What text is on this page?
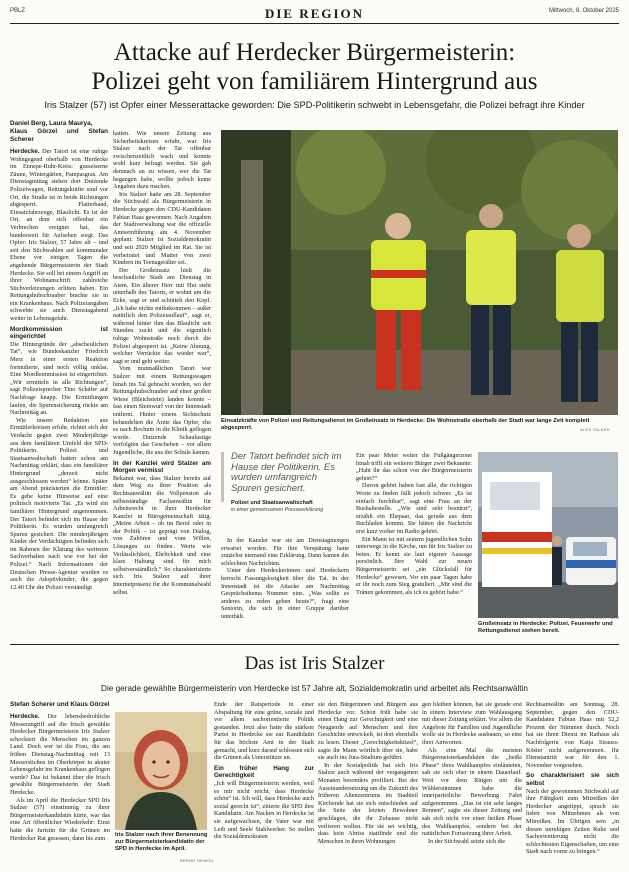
PBLZ	DIE REGION	Mittwoch, 8. Oktober 2025
Attacke auf Herdecker Bürgermeisterin:
Polizei geht von familiärem Hintergrund aus
Iris Stalzer (57) ist Opfer einer Messerattacke geworden: Die SPD-Politikerin schwebt in Lebensgefahr, die Polizei befragt ihre Kinder
Daniel Berg, Laura Maurya,
Klaus Görzel und Stefan Scherer

Herdecke. Der Tatort ist eine ruhige Wohngegend oberhalb von Herdecke im Ennepe-Ruhr-Kreis: gusseiserne Zäune, Wintergärten, Pampasgras. Am Dienstagmittag stehen dort Dutzende Polizeiwagen, Rettungskräfte sind vor Ort, die Straße ist in beide Richtungen abgesperrt. Flatterband, Einsatzfahrzeuge, Blaulicht. Es ist der Ort, an dem sich offenbar ein Verbrechen ereignet hat, das bundesweit für Aufsehen sorgt. Das Opfer: Iris Stalzer, 57 Jahre alt – und seit den Stichwahlen auf kommunaler Ebene vor einigen Tagen die angehende Bürgermeisterin der Stadt Herdecke. Sie soll bei einem Angriff an ihrer Wohnanschrift zahlreiche Stichverletzungen erlitten haben. Ein Rettungshubschrauber brachte sie in ein Krankenhaus. Nach Polizeiangaben schwebte sie auch Dienstagabend weiter in Lebensgefahr.

Mordkommission ist eingerichtet

Die Hintergründe der „abscheulichen Tat“, wie Bundeskanzler Friedrich Merz in einer ersten Reaktion formulierte, sind noch völlig unklar. Eine Mordkommission ist eingerichtet. „Wir ermitteln in alle Richtungen“, sagt Polizeisprecher Tino Schäfer auf Nachfrage knapp. Die Ermittlungen laufen, die Spurensicherung rückte am Nachmittag an.

Wie unsere Redaktion aus Ermittlerkreisen erfuhr, richtet sich der Verdacht gegen zwei Minderjährige aus dem familiären Umfeld der SPD-Politikerin. Polizei und Staatsanwaltschaft hatten schon am Nachmittag erklärt, dass ein familiärer Hintergrund „derzeit nicht ausgeschlossen werden“ könne. Später am Abend präzisierten die Ermittler: Es gehe keine Hinweise auf eine politisch motivierte Tat. „Es wird ein familiärer Hintergrund angenommen. Der Tatort befindet sich im Hause der Politikerin. Es wurden umfangreich Spuren gesichert. Die minderjährigen Kinder der Verdächtigten befinden sich im Rahmen der Klärung des weiteren Sachverhaltes nach wie vor bei der Polizei.“ Nach Informationen der Deutschen Presse-Agentur wurden es auch die Adoptivkinder, die gegen 12.40 Uhr die Polizei verständigt

hatten. Wie unsere Zeitung aus Sicherheitskreisen erfuhr, war Iris Stalzer nach der Tat offenbar zwischenzeitlich wach und konnte wohl kurz befragt werden. Sie gab demnach an zu wissen, wer die Tat begangen habe, wollte jedoch keine Angaben dazu machen.

Iris Stalzer hatte am 28. September die Stichwahl als Bürgermeisterin in Herdecke gegen den CDU-Kandidaten Fabian Haas gewonnen. Nach Angaben der Stadtverwaltung war die offizielle Amtseinführung am 4. November geplant. Stalzer ist Sozialdemokratin und seit 2020 Mitglied im Rat. Sie ist verheiratet und Mutter von zwei Kindern im Teenagerälter sei.

Der Großeinsatz hielt die beschauliche Stadt am Dienstag in Atem. Ein älterer Herr mit Hut steht unterhalb des Tatorts, er wohnt um die Ecke, sagt er und schüttelt den Kopf. „Ich habe nichts mitbekommen – außer natürlich den Polizeiauflauf“, sagt er, während hinter ihm das Blaulicht seit Stunden zuckt und die eigentlich ruhige Wohnstraße noch durch die Polizei abgesperrt ist. „Keine Ahnung, welcher Verrückte das wieder war“, sagt er und geht weiter.

Vom mutmaßlichen Tatort war Stalzer mit einem Rettungswagen hinab ins Tal gebracht worden, wo der Rettungshubschrauber auf einer großen Wiese (Bleichstein) landen konnte – fast einen Steinwurf von der Innenstadt entfernt. Hinter einem Sichtschutz behandelten die Ärzte das Opfer, ehe es nach Bochum in die Klinik geflogen wurde. Dutzende Schaulustige verfolgten das Geschehen – vor allem Jugendliche, die aus der Schule kamen.

In der Kanzlei wird Stalzer am Morgen vermisst

Bekannt war, dass Stalzer bereits auf dem Weg zu ihrer Position als Rechtsanwältin die Vollpension als selbstständige Fachanwältin für Arbeitsrecht in ihrer Herdecker Kanzlei in Bürogemeinschaft tätig. „Meine Arbeit – ob im Beruf oder in der Politik – ist geprägt von Dialog, von Zuhören und vom Willen, Lösungen zu finden. Werte wie Verlässlichkeit, Ehrlichkeit und eine klare Haltung sind für mich selbstverständlich.“ So charakterisierte sich Iris Stalzer auf ihrer Internetpräsenz für die Kommunalwahl selbst.

Einsatzkräfte von Polizei und Rettungsdienst im Großeinsatz in Herdecke: Die Wohnstraße oberhalb der Stadt war lange Zeit komplett abgesperrt.	ALEX TALASH
Der Tatort befindet sich im Hause der Politikerin. Es wurden umfangreich Spuren gesichert.
Polizei und Staatsanwaltschaft
in einer gemeinsamen Presseerklärung

In der Kanzlei war sie am Dienstagmorgen erwartet worden. Für ihre Verspätung hatte zunächst niemand eine Erklärung. Dann kamen die schlechten Nachrichten.

Unter den Herdeckerinnen und Herdeckern herrscht Fassungslosigkeit über die Tat. In der Innenstadt ist die Attacke am Nachmittag Gesprächsthema Nummer eins. „Was sollte es anderes zu reden geben heute?“, fragt eine Seniorin, die sich in einer Gruppe darüber unterhält.

Ein paar Meter weiter die Fußgängerzone hinab trifft ein weiterer Bürger zwei Bekannte: „Habt ihr das schon von der Bürgermeisterin gehört?“

Davon gehört haben fast alle, die richtigen Worte zu finden fällt jedoch schwer. „Es ist einfach furchtbar“, sagt eine Frau an der Bushaltestelle. „Wie sind sehr bestürzt“, erzählt ein Ehepaar, das gerade aus dem Buchladen kommt. Sie hätten die Nachricht erst kurz vorher im Radio gehört.

Ein Mann ist mit seinem jugendlichen Sohn unterwegs in die Kirche, um für Iris Stalzer zu beten. Er kennt sie laut eigener Aussage persönlich. Ihre Wahl zur neuen Bürgermeisterin sei „ein Glücksfall für Herdecke“ gewesen. Vor ein paar Tagen habe er ihr noch zum Sieg gratuliert. „Mir sind die Tränen gekommen, als ich es gehört habe.“

Großeinsatz in Herdecke: Polizei, Feuerwehr und Rettungsdienst stehen bereit.
BERND THISSEN / DPA
Das ist Iris Stalzer
Die gerade gewählte Bürgermeisterin von Herdecke ist 57 Jahre alt, Sozialdemokratin und arbeitet als Rechtsanwältin
Stefan Scherer und Klaus Görzel

Herdecke. Der lebensbedrohliche Messerangriff auf die frisch gewählte Herdecker Bürgermeisterin Iris Stalzer schockiert die Menschen im ganzen Land. Doch wer ist die Frau, die am frühen Dienstag-Nachmittag mit 13 Messerstichen im Oberkörper in akuter Lebensgefahr ins Krankenhaus geflogen wurde? Das ist bekannt über die frisch gewählte Bürgermeisterin der Stadt Herdecke.

Als im April die Herdecker SPD Iris Stalzer (57) einstimmig zu ihrer Bürgermeisterkandidatin kürte, war das eine Art öffentlicher Wiederkehr: Einst hatte die Juristin für die Grünen im Herdecker Rat gesessen, dann bis zum	Iris Stalzer nach ihrer Benennung zur Bürgermeisterkandidatin der SPD in Herdecke im April.
BERND HENKEL

Ende der Ratsperiode in einer Abspaltung für eine grüne, soziale und vor allem sachorientierte Politik gestanden. Jetzt also hatte die stärkste Partei in Herdecke sie zur Kandidatin für das höchste Amt in der Stadt gemacht, und kurz darauf schlossen sich die Grünen als Unterstützer an.

Ein früher Hang zur Gerechtigkeit

„Ich will Bürgermeisterin werden, weil es mir nicht reicht, dass Herdecke schön“ ist. Ich will, dass Herdecke auch sozial gerecht ist“, zitierte die SPD ihre Kandidatin. Am Nacken in Herdecke ist sie aufgewachsen, ihr Vater war mit Leib und Seele Stahlwerker. So stellen die Sozialdemokraten

sie den Bürgerinnen und Bürgern aus Herdecke vor. Schon früh habe sie einen Hang zur Gerechtigkeit und eine Neugierde auf Menschen und ihre Geschichte entwickelt, ist dort ebenfalls zu lesen. Dieser „Gerechtigkeitskitzel“, sagte ihr Mann wörtlich über sie, habe sie auch ins Jura-Studium geführt.

In der Sozialpolitik hat sich Iris Stalzer auch während der vergangenen Monaten besonders profiliert. Bei der Auseinandersetzung um die Zukunft des früheren Altenzentrums im Stadtteil Kirchende hat sie sich entschieden auf die Seite der letzten Bewohner geschlagen, die ihr Zuhause nicht verlieren wollen. Für sie sei wichtig, dass kein Abriss stattfinde und die Menschen in ihren Wohnungen

gen bleiben können, hat sie gerade erst in einem Interview zum Wahlausgang mit dieser Zeitung erklärt. Vor allem die Angebote für Familien und Jugendliche wolle sie in Herdecke ausbauen, so eine ihrer Antworten.

Als eine Mal die meisten Bürgermeisterkandidaten die „heiße Phase“ ihres Wahlkampfes einläuteten, sah sie sich eher in einem Dauerlauf. Weit vor dem Ringen um die Wählerstimmen habe die innerparteiliche Bewerbung Fahrt aufgenommen. „Das ist ein sehr langes Rennen“, sagte sie dieser Zeitung und sah sich nicht vor einer heißen Phase des Wahlkampfes, sondern bei der natürlichen Fortsetzung ihrer Arbeit.

In der Stichwahl setzte sich die

Rechtsanwältin am Sonntag, 28. September, gegen den CDU-Kandidaten Fabian Haas mit 52,2 Prozent der Stimmen durch. Noch hat sie ihren Dienst im Rathaus als Nachfolgerin von Katja Strauss-Köster nicht aufgenommen. Ihr Dienstantritt war für den 1. November vorgesehen.

So charakterisiert sie sich selbst

Nach der gewonnenen Stichwahl auf ihre Fähigkeit zum Mitreißen der Herdecker angetippt, sprach sie lieber von Mitnehmen als von Mitreißen. Im Übrigen sein „in diesen unruhigen Zeiten Ruhe und Sachorientierung nicht die schlechtesten Eigenschaften, um eine Stadt nach vorne zu bringen.“
